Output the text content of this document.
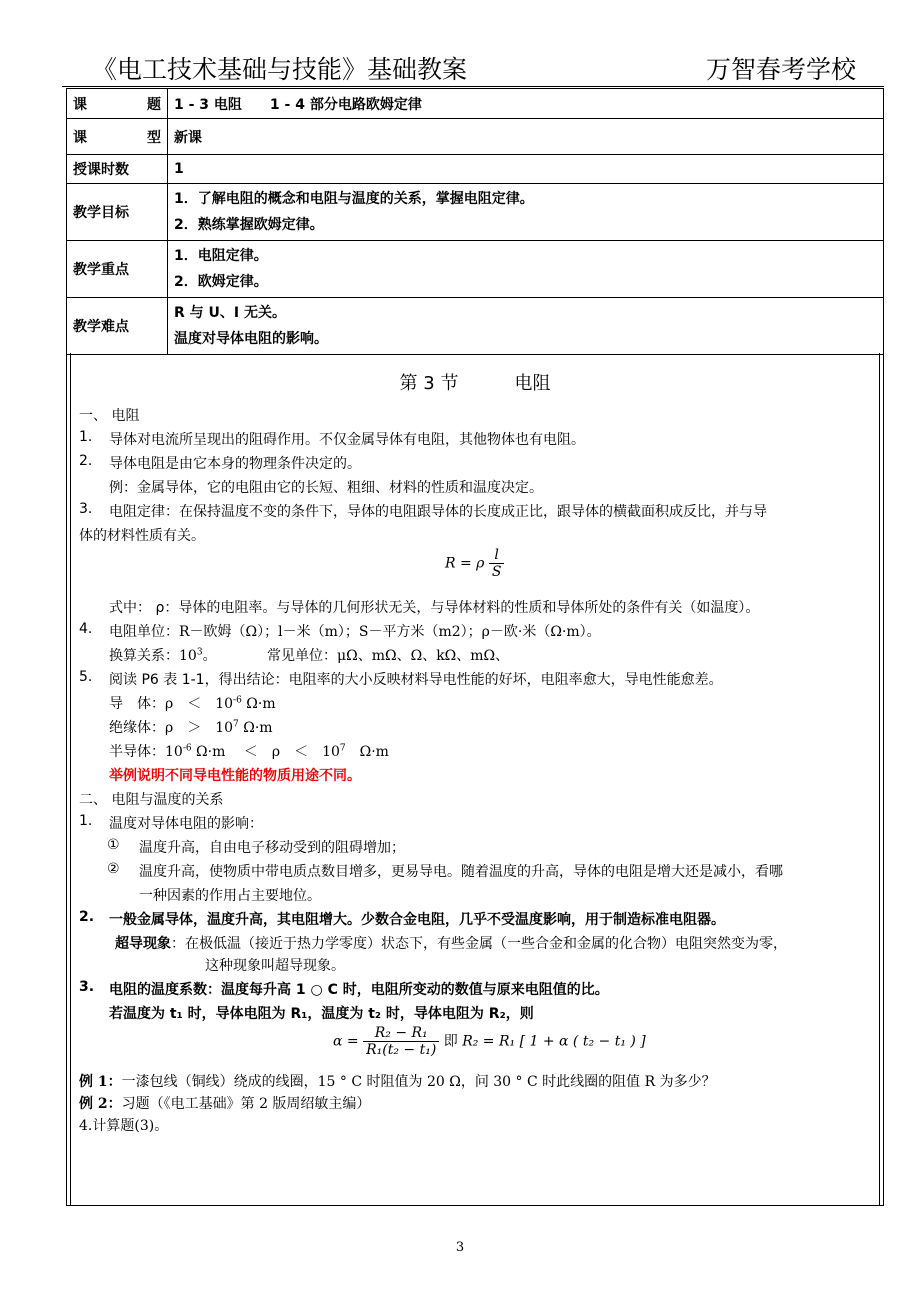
《电工技术基础与技能》基础教案	万智春考学校
课 题	1 - 3 电阻　　1 - 4 部分电路欧姆定律

课 型	新课
授课时数	1
教学目标	1．了解电阻的概念和电阻与温度的关系，掌握电阻定律。
2．熟练掌握欧姆定律。

教学重点	1．电阻定律。
2．欧姆定律。

教学难点	R 与 U、I 无关。
温度对导体电阻的影响。
第 3 节	电阻
一、 电阻
1. 导体对电流所呈现出的阻碍作用。不仅金属导体有电阻，其他物体也有电阻。
2. 导体电阻是由它本身的物理条件决定的。
例：金属导体，它的电阻由它的长短、粗细、材料的性质和温度决定。
3. 电阻定律：在保持温度不变的条件下，导体的电阻跟导体的长度成正比，跟导体的横截面积成反比，并与导
体的材料性质有关。
R = ρ $\frac{l}{S}$
式中： ρ：导体的电阻率。与导体的几何形状无关，与导体材料的性质和导体所处的条件有关（如温度）。
4. 电阻单位：R－欧姆（Ω）；l－米（m）；S－平方米（m2）；ρ－欧·米（Ω·m）。
换算关系：$10^3$。	常见单位：μΩ、mΩ、Ω、kΩ、mΩ、
5. 阅读 P6 表 1-1，得出结论：电阻率的大小反映材料导电性能的好坏，电阻率愈大，导电性能愈差。
导　体：ρ　＜　$10^{-6}$ Ω·m
绝缘体：ρ　＞　$10^7$ Ω·m
半导体：$10^{-6}$ Ω·m　 ＜　ρ　＜　$10^7$　Ω·m
举例说明不同导电性能的物质用途不同。
二、 电阻与温度的关系
1. 温度对导体电阻的影响：
① 温度升高，自由电子移动受到的阻碍增加；
② 温度升高，使物质中带电质点数目增多，更易导电。随着温度的升高，导体的电阻是增大还是减小，看哪
一种因素的作用占主要地位。
2. 一般金属导体，温度升高，其电阻增大。少数合金电阻，几乎不受温度影响，用于制造标准电阻器。
超导现象：在极低温（接近于热力学零度）状态下，有些金属（一些合金和金属的化合物）电阻突然变为零，
这种现象叫超导现象。
3. 电阻的温度系数：温度每升高 1 ○ C 时，电阻所变动的数值与原来电阻值的比。
若温度为 t₁ 时，导体电阻为 R₁，温度为 t₂ 时，导体电阻为 R₂，则
$\alpha = \frac{\text{R₂ − R₁}}{\text{R₁(t₂ − t₁)}}$ 即 R₂ = R₁ [ 1 + α ( t₂ − t₁ ) ]
例 1：一漆包线（铜线）绕成的线圈，15 ° C 时阻值为 20 Ω，问 30 ° C 时此线圈的阻值 R 为多少？
例 2：习题（《电工基础》第 2 版周绍敏主编）
4.计算题(3)。
3
